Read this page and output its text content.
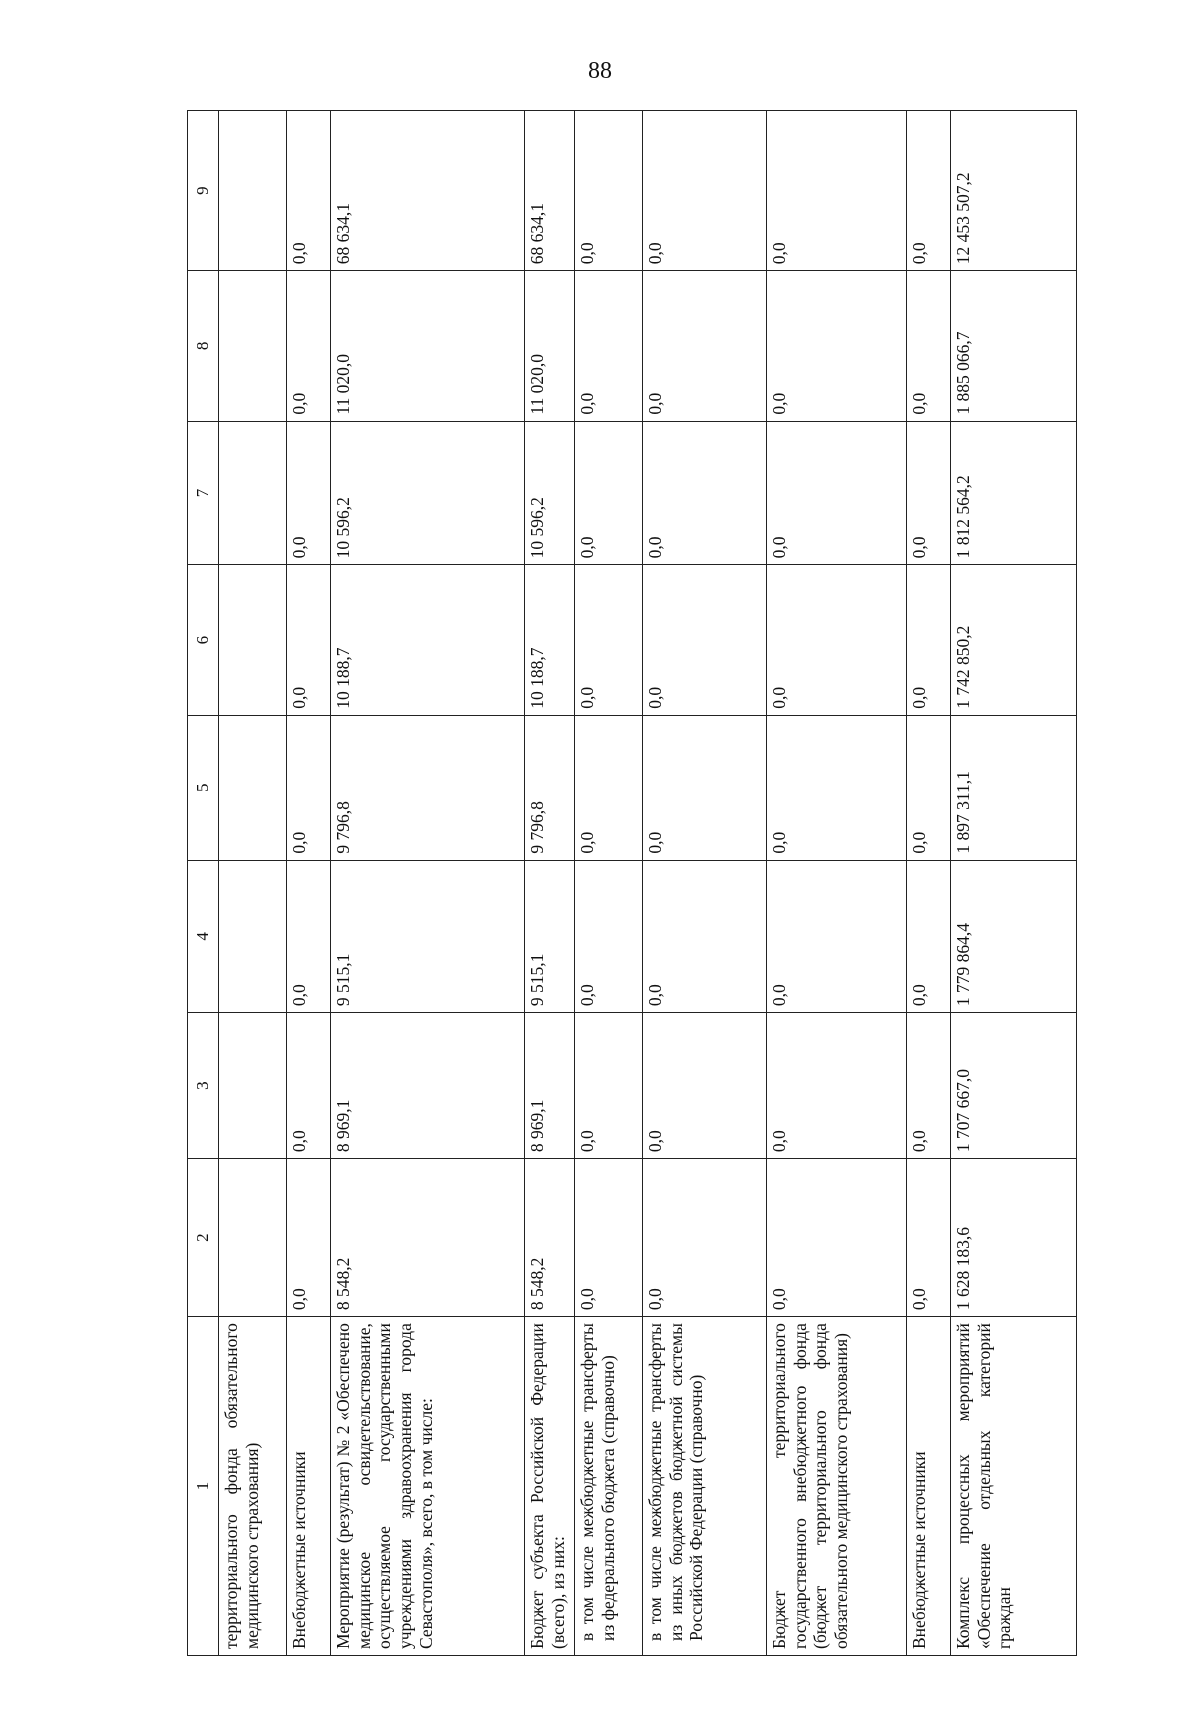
88
1	2	3	4	5	6	7	8	9
территориального фонда обязательного медицинского страхования)								
Внебюджетные источники	0,0	0,0	0,0	0,0	0,0	0,0	0,0	0,0
Мероприятие (результат) № 2 «Обеспечено медицинское освидетельствование, осуществляемое государственными учреждениями здравоохранения города Севастополя», всего, в том числе:	8 548,2	8 969,1	9 515,1	9 796,8	10 188,7	10 596,2	11 020,0	68 634,1
Бюджет субъекта Российской Федерации (всего), из них:	8 548,2	8 969,1	9 515,1	9 796,8	10 188,7	10 596,2	11 020,0	68 634,1
в том числе межбюджетные трансферты из федерального бюджета (справочно)	0,0	0,0	0,0	0,0	0,0	0,0	0,0	0,0
в том числе межбюджетные трансферты из иных бюджетов бюджетной системы Российской Федерации (справочно)	0,0	0,0	0,0	0,0	0,0	0,0	0,0	0,0
Бюджет территориального государственного внебюджетного фонда (бюджет территориального фонда обязательного медицинского страхования)	0,0	0,0	0,0	0,0	0,0	0,0	0,0	0,0
Внебюджетные источники	0,0	0,0	0,0	0,0	0,0	0,0	0,0	0,0
Комплекс процессных мероприятий «Обеспечение отдельных категорий граждан	1 628 183,6	1 707 667,0	1 779 864,4	1 897 311,1	1 742 850,2	1 812 564,2	1 885 066,7	12 453 507,2
